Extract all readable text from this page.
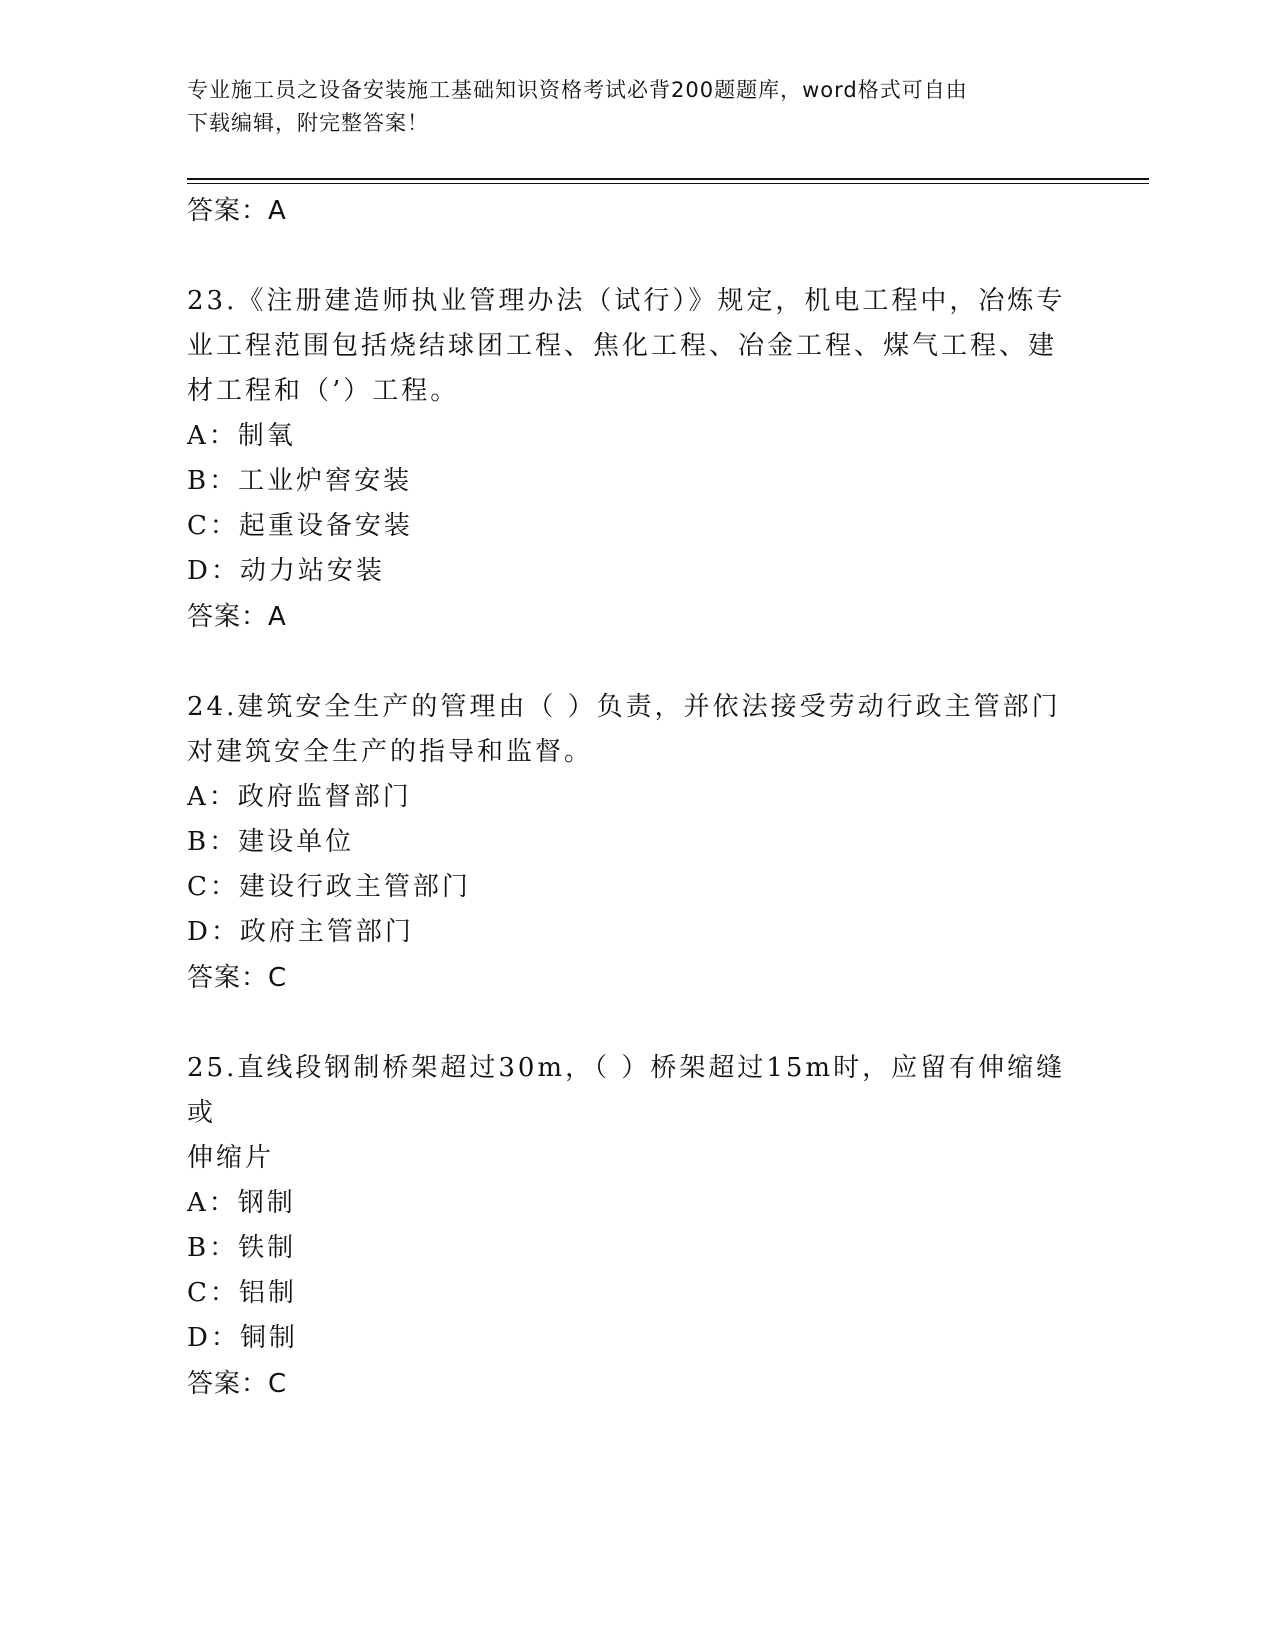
专业施工员之设备安装施工基础知识资格考试必背200题题库，word格式可自由
下载编辑，附完整答案！
答案：A
23.《注册建造师执业管理办法（试行）》规定，机电工程中，冶炼专
业工程范围包括烧结球团工程、焦化工程、冶金工程、煤气工程、建
材工程和（’）工程。
A：制氧
B：工业炉窖安装
C：起重设备安装
D：动力站安装
答案：A
24.建筑安全生产的管理由（ ）负责，并依法接受劳动行政主管部门
对建筑安全生产的指导和监督。
A：政府监督部门
B：建设单位
C：建设行政主管部门
D：政府主管部门
答案：C
25.直线段钢制桥架超过30m，（ ）桥架超过15m时，应留有伸缩缝或
伸缩片
A：钢制
B：铁制
C：铝制
D：铜制
答案：C
